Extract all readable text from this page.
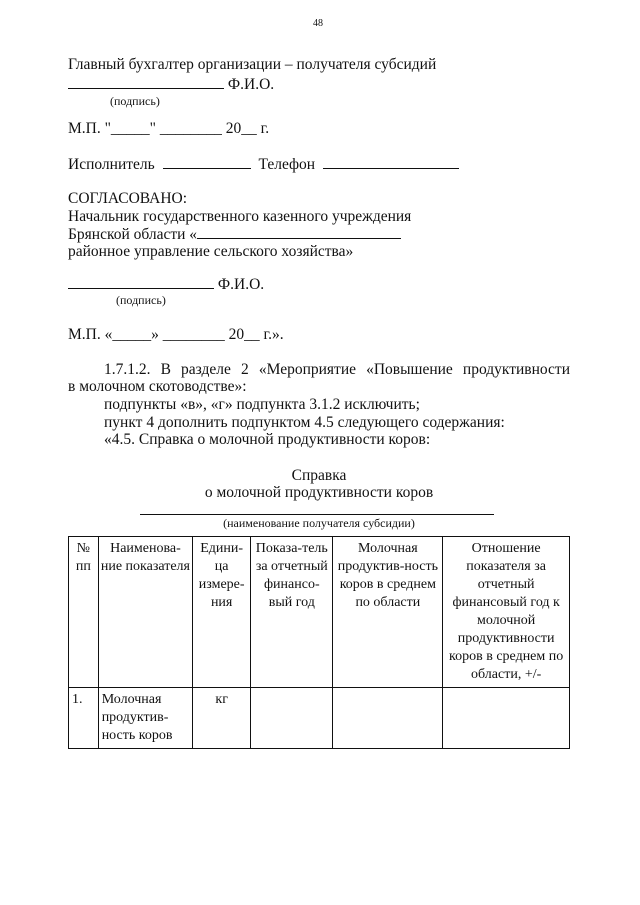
48
Главный бухгалтер организации – получателя субсидий
Ф.И.О.
(подпись)
М.П. "_____" ________ 20__ г.
Исполнитель	Телефон
СОГЛАСОВАНО:
Начальник государственного казенного учреждения
Брянской области «
районное управление сельского хозяйства»
Ф.И.О.
(подпись)
М.П. «_____» ________ 20__ г.».
1.7.1.2. В разделе 2 «Мероприятие «Повышение продуктивности
в молочном скотоводстве»:
подпункты «в», «г» подпункта 3.1.2 исключить;
пункт 4 дополнить подпунктом 4.5 следующего содержания:
«4.5. Справка о молочной продуктивности коров:
Справка
о молочной продуктивности коров
(наименование получателя субсидии)
№ пп	Наименова-ние показателя	Едини-ца измере-ния	Показа-тель за отчетный финансо-вый год	Молочная продуктив-ность коров в среднем по области	Отношение показателя за отчетный финансовый год к молочной продуктивности коров в среднем по области, +/-
1.	Молочная продуктив-ность коров	кг			
